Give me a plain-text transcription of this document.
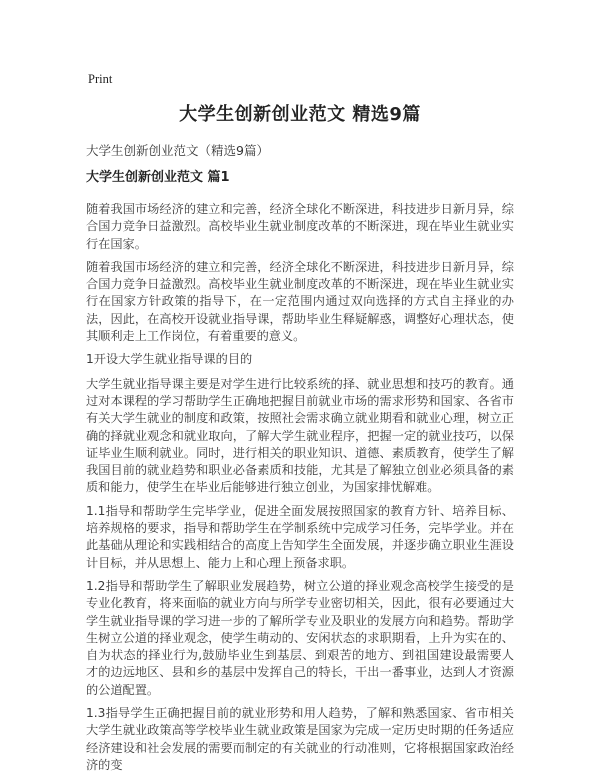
Print
大学生创新创业范文 精选9篇
大学生创新创业范文（精选9篇）
大学生创新创业范文 篇1

随着我国市场经济的建立和完善，经济全球化不断深进，科技进步日新月异，综合国力竞争日益激烈。高校毕业生就业制度改革的不断深进，现在毕业生就业实行在国家。

随着我国市场经济的建立和完善，经济全球化不断深进，科技进步日新月异，综合国力竞争日益激烈。高校毕业生就业制度改革的不断深进，现在毕业生就业实行在国家方针政策的指导下，在一定范围内通过双向选择的方式自主择业的办法，因此，在高校开设就业指导课，帮助毕业生释疑解惑，调整好心理状态，使其顺利走上工作岗位，有着重要的意义。

1开设大学生就业指导课的目的

大学生就业指导课主要是对学生进行比较系统的择、就业思想和技巧的教育。通过对本课程的学习帮助学生正确地把握目前就业市场的需求形势和国家、各省市有关大学生就业的制度和政策，按照社会需求确立就业期看和就业心理，树立正确的择就业观念和就业取向，了解大学生就业程序，把握一定的就业技巧，以保证毕业生顺利就业。同时，进行相关的职业知识、道德、素质教育，使学生了解我国目前的就业趋势和职业必备素质和技能，尤其是了解独立创业必须具备的素质和能力，使学生在毕业后能够进行独立创业，为国家排忧解难。

1.1指导和帮助学生完毕学业，促进全面发展按照国家的教育方针、培养目标、培养规格的要求，指导和帮助学生在学制系统中完成学习任务，完毕学业。并在此基础从理论和实践相结合的高度上告知学生全面发展，并逐步确立职业生涯设计目标，并从思想上、能力上和心理上预备求职。

1.2指导和帮助学生了解职业发展趋势，树立公道的择业观念高校学生接受的是专业化教育，将来面临的就业方向与所学专业密切相关，因此，很有必要通过大学生就业指导课的学习进一步的了解所学专业及职业的发展方向和趋势。帮助学生树立公道的择业观念，使学生萌动的、安闲状态的求职期看，上升为实在的、自为状态的择业行为,鼓励毕业生到基层、到艰苦的地方、到祖国建设最需要人才的边远地区、县和乡的基层中发挥自己的特长，干出一番事业，达到人才资源的公道配置。

1.3指导学生正确把握目前的就业形势和用人趋势，了解和熟悉国家、省市相关大学生就业政策高等学校毕业生就业政策是国家为完成一定历史时期的任务适应经济建设和社会发展的需要而制定的有关就业的行动准则，它将根据国家政治经济的变
